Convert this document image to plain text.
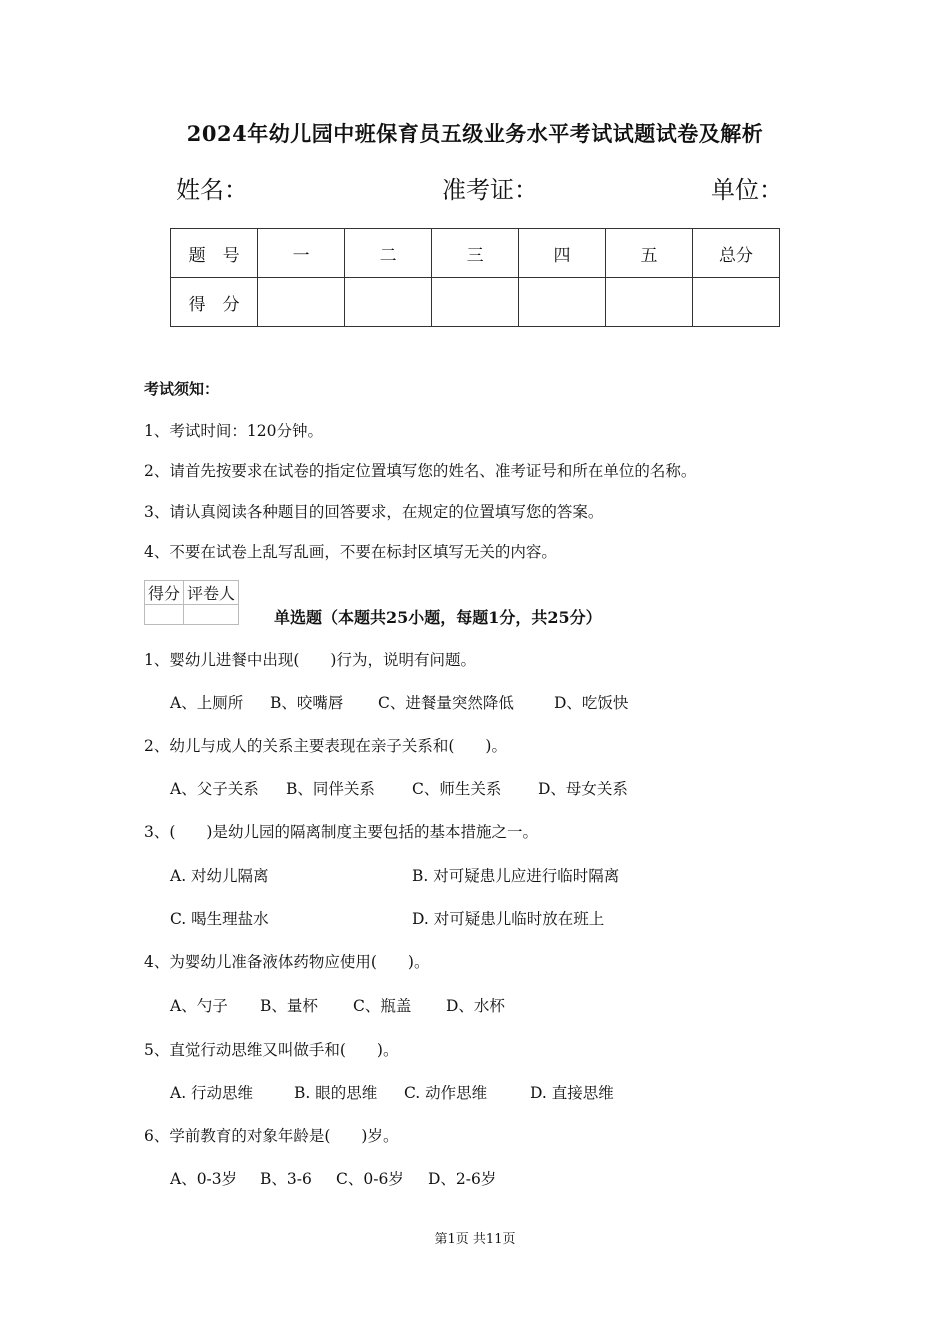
2024年幼儿园中班保育员五级业务水平考试试题试卷及解析
姓名：	准考证：	单位：
题　号	一	二	三	四	五	总分
得　分						
考试须知：
1、考试时间：120分钟。
2、请首先按要求在试卷的指定位置填写您的姓名、准考证号和所在单位的名称。
3、请认真阅读各种题目的回答要求，在规定的位置填写您的答案。
4、不要在试卷上乱写乱画，不要在标封区填写无关的内容。
得分	评卷人

单选题（本题共25小题，每题1分，共25分）
1、婴幼儿进餐中出现(　　)行为，说明有问题。
A、上厕所 B、咬嘴唇 C、进餐量突然降低	D、吃饭快
2、幼儿与成人的关系主要表现在亲子关系和(　　)。
A、父子关系 B、同伴关系 C、师生关系 D、母女关系
3、(　　)是幼儿园的隔离制度主要包括的基本措施之一。
A. 对幼儿隔离	B. 对可疑患儿应进行临时隔离
C. 喝生理盐水	D. 对可疑患儿临时放在班上
4、为婴幼儿准备液体药物应使用(　　)。
A、勺子 B、量杯 C、瓶盖 D、水杯
5、直觉行动思维又叫做手和(　　)。
A. 行动思维	B. 眼的思维 C. 动作思维	D. 直接思维
6、学前教育的对象年龄是(　　)岁。
A、0-3岁 B、3-6 C、0-6岁 D、2-6岁
第1页 共11页
